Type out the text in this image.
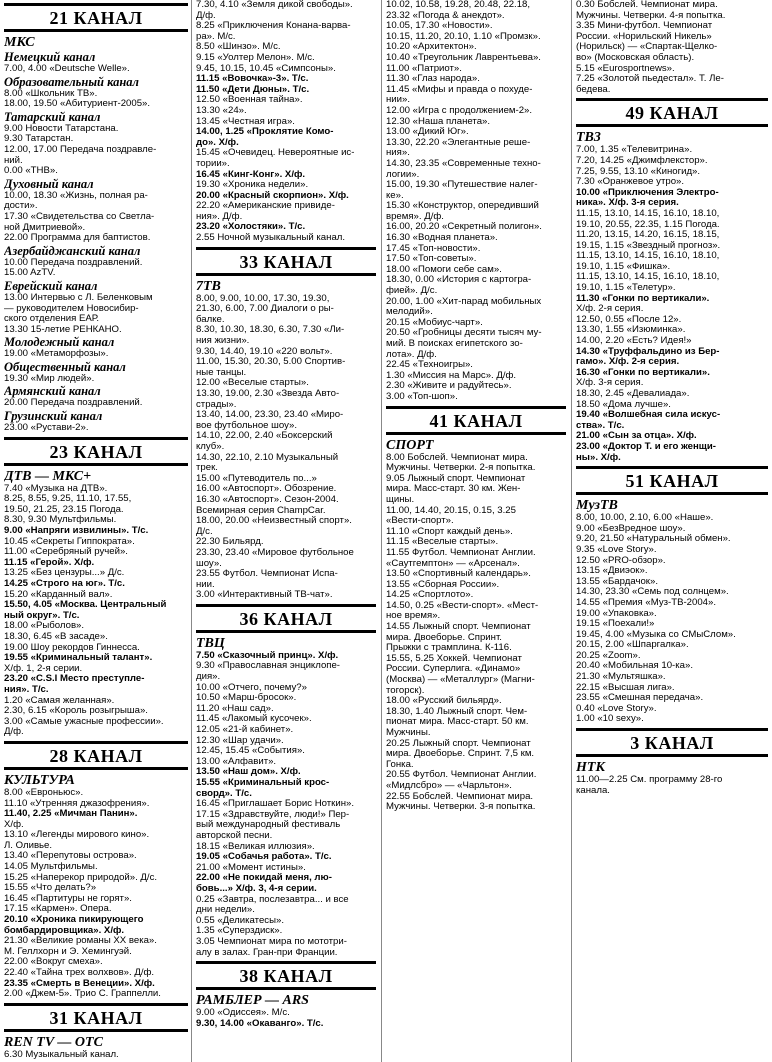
21 КАНАЛ
МКС
Немецкий канал
7.00, 4.00 «Deutsche Welle».
Образовательный канал
8.00 «Школьник ТВ».
18.00, 19.50 «Абитуриент-2005».
Татарский канал
9.00 Новости Татарстана.
9.30 Татарстан.
12.00, 17.00 Передача поздравле-
ний.
0.00 «ТНВ».
Духовный канал
10.00, 18.30 «Жизнь, полная ра-
дости».
17.30 «Свидетельства со Светла-
ной Дмитриевой».
22.00 Программа для баптистов.
Азербайджанский канал
10.00 Передача поздравлений.
15.00 AzTV.
Еврейский канал
13.00 Интервью с Л. Беленковым
— руководителем Новосибир-
ского отделения ЕАР.
13.30 15-летие РЕНКАНО.
Молодежный канал
19.00 «Метаморфозы».
Общественный канал
19.30 «Мир людей».
Армянский канал
20.00 Передача поздравлений.
Грузинский канал
23.00 «Рустави-2».
23 КАНАЛ
ДТВ — МКС+
7.40 «Музыка на ДТВ».
8.25, 8.55, 9.25, 11.10, 17.55,
19.50, 21.25, 23.15 Погода.
8.30, 9.30 Мультфильмы.
9.00 «Напряги извилины». Т/с.
10.45 «Секреты Гиппократа».
11.00 «Серебряный ручей».
11.15 «Герой». Х/ф.
13.25 «Без цензуры...» Д/с.
14.25 «Строго на юг». Т/с.
15.20 «Карданный вал».
15.50, 4.05 «Москва. Центральный
ный округ». Т/с.
18.00 «Рыболов».
18.30, 6.45 «В засаде».
19.00 Шоу рекордов Гиннесса.
19.55 «Криминальный талант».
Х/ф. 1, 2-я серии.
23.20 «C.S.I Место преступле-
ния». Т/с.
1.20 «Самая желанная».
2.30, 6.15 «Король розыгрыша».
3.00 «Самые ужасные профессии».
Д/ф.
28 КАНАЛ
КУЛЬТУРА
8.00 «Евроньюс».
11.10 «Утренняя джазофрения».
11.40, 2.25 «Мичман Панин».
Х/ф.
13.10 «Легенды мирового кино».
Л. Оливье.
13.40 «Перепутовы острова».
14.05 Мультфильмы.
15.25 «Наперекор природой». Д/с.
15.55 «Что делать?»
16.45 «Партитуры не горят».
17.15 «Кармен». Опера.
20.10 «Хроника пикирующего
бомбардировщика». Х/ф.
21.30 «Великие романы XX века».
М. Геллхорн и Э. Хемингуэй.
22.00 «Вокруг смеха».
22.40 «Тайна трех волхвов». Д/ф.
23.35 «Смерть в Венеции». Х/ф.
2.00 «Джем-5». Трио С. Граппелли.
31 КАНАЛ
REN TV — ОТС
6.30 Музыкальный канал.
7.30, 4.10 «Земля дикой свободы».
Д/ф.
8.25 «Приключения Конана-варва-
ра». М/с.
8.50 «Шинзо». М/с.
9.15 «Уолтер Мелон». М/с.
9.45, 10.15, 10.45 «Симпсоны».
11.15 «Вовочка»-3». Т/с.
11.50 «Дети Дюны». Т/с.
12.50 «Военная тайна».
13.30 «24».
13.45 «Честная игра».
14.00, 1.25 «Проклятие Комо-
до». Х/ф.
15.45 «Очевидец. Невероятные ис-
тории».
16.45 «Кинг-Конг». Х/ф.
19.30 «Хроника недели».
20.00 «Красный скорпион». Х/ф.
22.20 «Американские привиде-
ния». Д/ф.
23.20 «Холостяки». Т/с.
2.55 Ночной музыкальный канал.
33 КАНАЛ
7ТВ
8.00, 9.00, 10.00, 17.30, 19.30,
21.30, 6.00, 7.00 Диалоги о ры-
балке.
8.30, 10.30, 18.30, 6.30, 7.30 «Ли-
ния жизни».
9.30, 14.40, 19.10 «220 вольт».
11.00, 15.30, 20.30, 5.00 Спортив-
ные танцы.
12.00 «Веселые старты».
13.30, 19.00, 2.30 «Звезда Авто-
страды».
13.40, 14.00, 23.30, 23.40 «Миро-
вое футбольное шоу».
14.10, 22.00, 2.40 «Боксерский
клуб».
14.30, 22.10, 2.10 Музыкальный
трек.
15.00 «Путеводитель по...»
16.00 «Автоспорт». Обозрение.
16.30 «Автоспорт». Сезон-2004.
Всемирная серия ChampCar.
18.00, 20.00 «Неизвестный спорт».
Д/с.
22.30 Бильярд.
23.30, 23.40 «Мировое футбольное
шоу».
23.55 Футбол. Чемпионат Испа-
нии.
3.00 «Интерактивный ТВ-чат».
36 КАНАЛ
ТВЦ
7.50 «Сказочный принц». Х/ф.
9.30 «Православная энциклопе-
дия».
10.00 «Отчего, почему?»
10.50 «Марш-бросок».
11.20 «Наш сад».
11.45 «Лакомый кусочек».
12.05 «21-й кабинет».
12.30 «Шар удачи».
12.45, 15.45 «События».
13.00 «Алфавит».
13.50 «Наш дом». Х/ф.
15.55 «Криминальный крос-
сворд». Т/с.
16.45 «Приглашает Борис Ноткин».
17.15 «Здравствуйте, люди!» Пер-
вый международный фестиваль
авторской песни.
18.15 «Великая иллюзия».
19.05 «Собачья работа». Т/с.
21.00 «Момент истины».
22.00 «Не покидай меня, лю-
бовь...» Х/ф. 3, 4-я серии.
0.25 «Завтра, послезавтра... и все
дни недели».
0.55 «Деликатесы».
1.35 «Суперздиск».
3.05 Чемпионат мира по мототри-
алу в залах. Гран-при Франции.
38 КАНАЛ
РАМБЛЕР — ARS
9.00 «Одиссея». М/с.
9.30, 14.00 «Окаванго». Т/с.
10.02, 10.58, 19.28, 20.48, 22.18,
23.32 «Погода & анекдот».
10.05, 17.30 «Новости».
10.15, 11.20, 20.10, 1.10 «Промзк».
10.20 «Архитектон».
10.40 «Треугольник Лаврентьева».
11.00 «Патриот».
11.30 «Глаз народа».
11.45 «Мифы и правда о похуде-
нии».
12.00 «Игра с продолжением-2».
12.30 «Наша планета».
13.00 «Дикий Юг».
13.30, 22.20 «Элегантные реше-
ния».
14.30, 23.35 «Современные техно-
логии».
15.00, 19.30 «Путешествие налег-
ке».
15.30 «Конструктор, опередивший
время». Д/ф.
16.00, 20.20 «Секретный полигон».
16.30 «Водная планета».
17.45 «Топ-новости».
17.50 «Топ-советы».
18.00 «Помоги себе сам».
18.30, 0.00 «История с картогра-
фией». Д/с.
20.00, 1.00 «Хит-парад мобильных
мелодий».
20.15 «Мобиус-чарт».
20.50 «Гробницы десяти тысяч му-
мий. В поисках египетского зо-
лота». Д/ф.
22.45 «Техноигры».
1.30 «Миссия на Марс». Д/ф.
2.30 «Живите и радуйтесь».
3.00 «Топ-шоп».
41 КАНАЛ
СПОРТ
8.00 Бобслей. Чемпионат мира.
Мужчины. Четверки. 2-я попытка.
9.05 Лыжный спорт. Чемпионат
мира. Масс-старт. 30 км. Жен-
щины.
11.00, 14.40, 20.15, 0.15, 3.25
«Вести-спорт».
11.10 «Спорт каждый день».
11.15 «Веселые старты».
11.55 Футбол. Чемпионат Англии.
«Саутгемптон» — «Арсенал».
13.50 «Спортивный календарь».
13.55 «Сборная России».
14.25 «Спортлото».
14.50, 0.25 «Вести-спорт». «Мест-
ное время».
14.55 Лыжный спорт. Чемпионат
мира. Двоеборье. Спринт.
Прыжки с трамплина. К-116.
15.55, 5.25 Хоккей. Чемпионат
России. Суперлига. «Динамо»
(Москва) — «Металлург» (Магни-
тогорск).
18.00 «Русский бильярд».
18.30, 1.40 Лыжный спорт. Чем-
пионат мира. Масс-старт. 50 км.
Мужчины.
20.25 Лыжный спорт. Чемпионат
мира. Двоеборье. Спринт. 7,5 км.
Гонка.
20.55 Футбол. Чемпионат Англии.
«Мидлсбро» — «Чарльтон».
22.55 Бобслей. Чемпионат мира.
Мужчины. Четверки. 3-я попытка.
0.30 Бобслей. Чемпионат мира.
Мужчины. Четверки. 4-я попытка.
3.35 Мини-футбол. Чемпионат
России. «Норильский Никель»
(Норильск) — «Спартак-Щелко-
во» (Московская область).
5.15 «Eurosportnews».
7.25 «Золотой пьедестал». Т. Ле-
бедева.
49 КАНАЛ
ТВ3
7.00, 1.35 «Телевитрина».
7.20, 14.25 «Джимфлекстор».
7.25, 9.55, 13.10 «Киногид».
7.30 «Оранжевое утро».
10.00 «Приключения Электро-
ника». Х/ф. 3-я серия.
11.15, 13.10, 14.15, 16.10, 18.10,
19.10, 20.55, 22.35, 1.15 Погода.
11.20, 13.15, 14.20, 16.15, 18.15,
19.15, 1.15 «Звездный прогноз».
11.15, 13.10, 14.15, 16.10, 18.10,
19.10, 1.15 «Фишка».
11.15, 13.10, 14.15, 16.10, 18.10,
19.10, 1.15 «Телетур».
11.30 «Гонки по вертикали».
Х/ф. 2-я серия.
12.50, 0.55 «После 12».
13.30, 1.55 «Изюминка».
14.00, 2.20 «Есть? Идея!»
14.30 «Труффальдино из Бер-
гамо». Х/ф. 2-я серия.
16.30 «Гонки по вертикали».
Х/ф. 3-я серия.
18.30, 2.45 «Девалиада».
18.50 «Дома лучше».
19.40 «Волшебная сила искус-
ства». Т/с.
21.00 «Сын за отца». Х/ф.
23.00 «Доктор Т. и его женщи-
ны». Х/ф.
51 КАНАЛ
МузТВ
8.00, 10.00, 2.10, 6.00 «Наше».
9.00 «БезВредное шоу».
9.20, 21.50 «Натуральный обмен».
9.35 «Love Story».
12.50 «PRO-обзор».
13.15 «Двиэок».
13.55 «Бардачок».
14.30, 23.30 «Семь под солнцем».
14.55 «Премия «Муз-ТВ-2004».
19.00 «Упаковка».
19.15 «Поехали!»
19.45, 4.00 «Музыка со СМыСлом».
20.15, 2.00 «Шпаргалка».
20.25 «Zoom».
20.40 «Мобильная 10-ка».
21.30 «Мультяшка».
22.15 «Высшая лига».
23.55 «Смешная передача».
0.40 «Love Story».
1.00 «10 sexy».
3 КАНАЛ
НТК
11.00—2.25 См. программу 28-го
канала.
